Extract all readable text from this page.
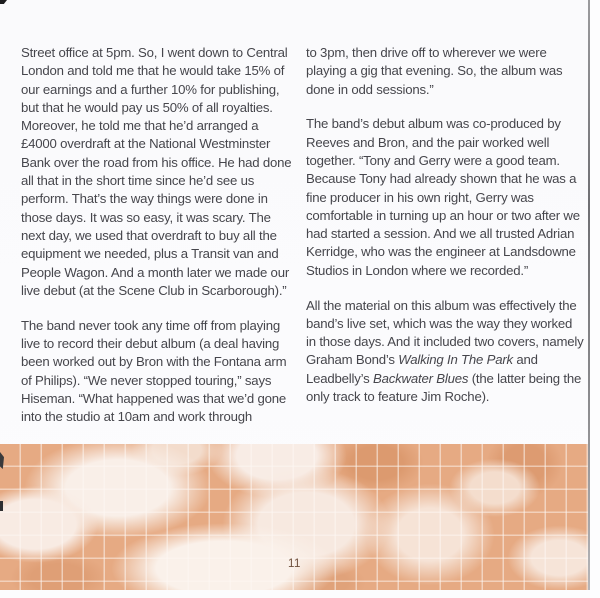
Street office at 5pm. So, I went down to Central London and told me that he would take 15% of our earnings and a further 10% for publishing, but that he would pay us 50% of all royalties. Moreover, he told me that he’d arranged a £4000 overdraft at the National Westminster Bank over the road from his office. He had done all that in the short time since he’d see us perform. That’s the way things were done in those days. It was so easy, it was scary. The next day, we used that overdraft to buy all the equipment we needed, plus a Transit van and People Wagon. And a month later we made our live debut (at the Scene Club in Scarborough).”

The band never took any time off from playing live to record their debut album (a deal having been worked out by Bron with the Fontana arm of Philips). “We never stopped touring,” says Hiseman. “What happened was that we’d gone into the studio at 10am and work through

to 3pm, then drive off to wherever we were playing a gig that evening. So, the album was done in odd sessions.”

The band’s debut album was co-produced by Reeves and Bron, and the pair worked well together. “Tony and Gerry were a good team. Because Tony had already shown that he was a fine producer in his own right, Gerry was comfortable in turning up an hour or two after we had started a session. And we all trusted Adrian Kerridge, who was the engineer at Landsdowne Studios in London where we recorded.”

All the material on this album was effectively the band’s live set, which was the way they worked in those days. And it included two covers, namely Graham Bond’s Walking In The Park and Leadbelly’s Backwater Blues (the latter being the only track to feature Jim Roche).

11
